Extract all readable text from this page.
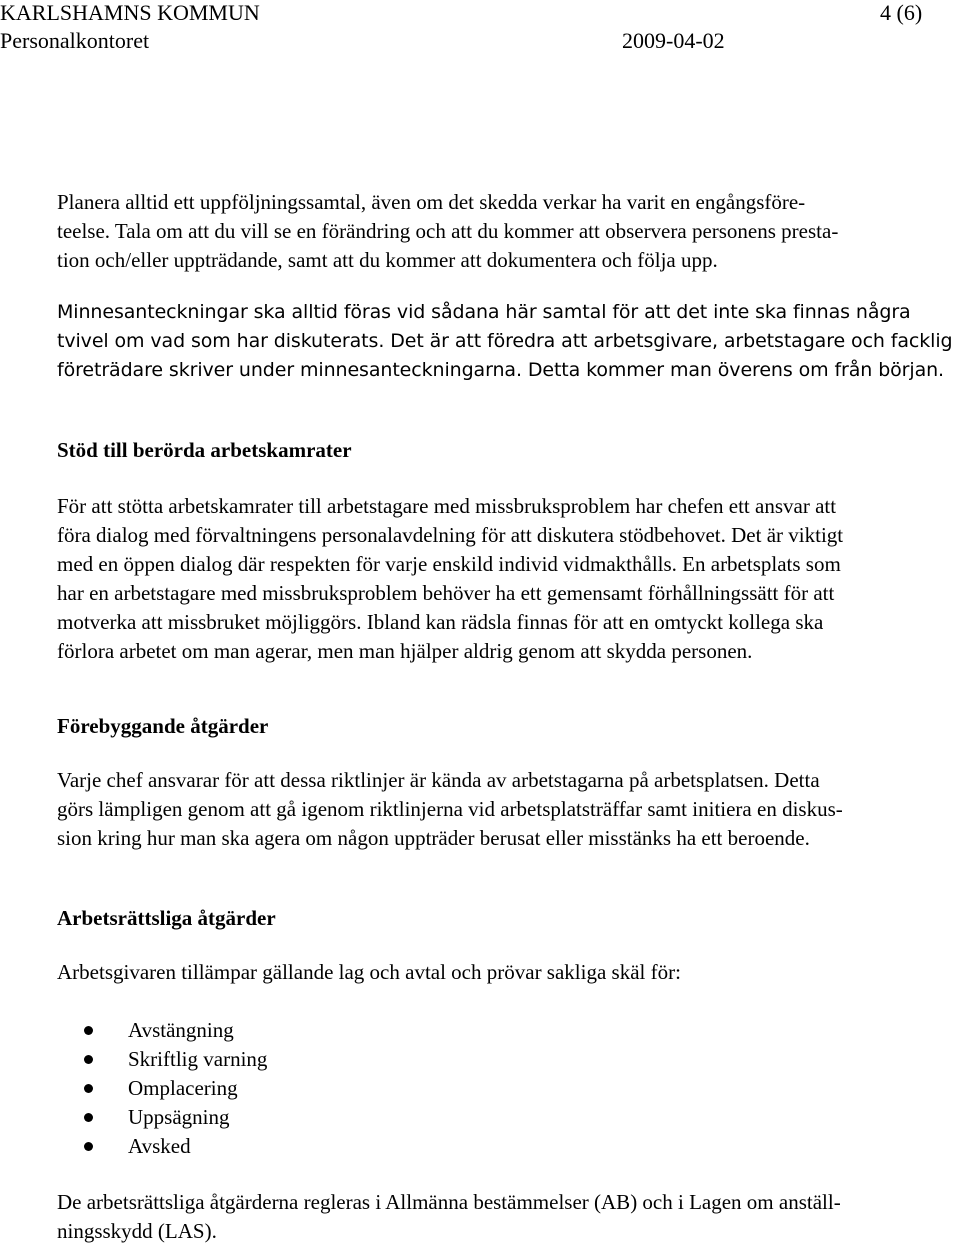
KARLSHAMNS KOMMUN
Personalkontoret
4 (6)
2009-04-02
Planera alltid ett uppföljningssamtal, även om det skedda verkar ha varit en engångsföre-
teelse. Tala om att du vill se en förändring och att du kommer att observera personens presta-
tion och/eller uppträdande, samt att du kommer att dokumentera och följa upp.
Minnesanteckningar ska alltid föras vid sådana här samtal för att det inte ska finnas några
tvivel om vad som har diskuterats. Det är att föredra att arbetsgivare, arbetstagare och facklig
företrädare skriver under minnesanteckningarna. Detta kommer man överens om från början.
Stöd till berörda arbetskamrater
För att stötta arbetskamrater till arbetstagare med missbruksproblem har chefen ett ansvar att
föra dialog med förvaltningens personalavdelning för att diskutera stödbehovet. Det är viktigt
med en öppen dialog där respekten för varje enskild individ vidmakthålls. En arbetsplats som
har en arbetstagare med missbruksproblem behöver ha ett gemensamt förhållningssätt för att
motverka att missbruket möjliggörs. Ibland kan rädsla finnas för att en omtyckt kollega ska
förlora arbetet om man agerar, men man hjälper aldrig genom att skydda personen.
Förebyggande åtgärder
Varje chef ansvarar för att dessa riktlinjer är kända av arbetstagarna på arbetsplatsen. Detta
görs lämpligen genom att gå igenom riktlinjerna vid arbetsplatsträffar samt initiera en diskus-
sion kring hur man ska agera om någon uppträder berusat eller misstänks ha ett beroende.
Arbetsrättsliga åtgärder
Arbetsgivaren tillämpar gällande lag och avtal och prövar sakliga skäl för:
Avstängning
Skriftlig varning
Omplacering
Uppsägning
Avsked
De arbetsrättsliga åtgärderna regleras i Allmänna bestämmelser (AB) och i Lagen om anställ-
ningsskydd (LAS).
